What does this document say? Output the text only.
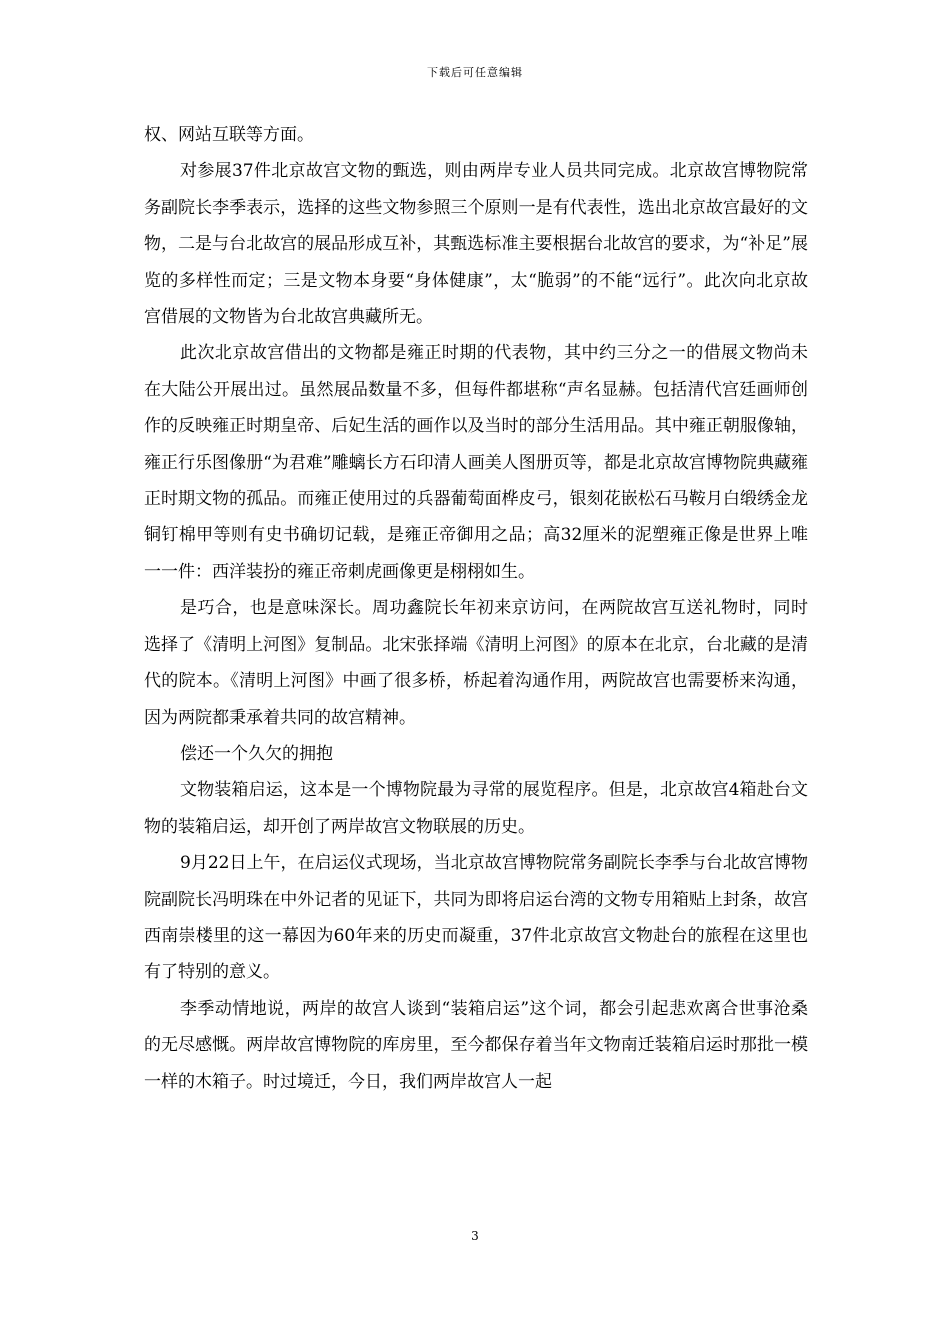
下载后可任意编辑

权、网站互联等方面。

对参展37件北京故宫文物的甄选，则由两岸专业人员共同完成。北京故宫博物院常务副院长李季表示，选择的这些文物参照三个原则一是有代表性，选出北京故宫最好的文物，二是与台北故宫的展品形成互补，其甄选标准主要根据台北故宫的要求，为“补足”展览的多样性而定；三是文物本身要“身体健康”，太“脆弱”的不能“远行”。此次向北京故宫借展的文物皆为台北故宫典藏所无。

此次北京故宫借出的文物都是雍正时期的代表物，其中约三分之一的借展文物尚未在大陆公开展出过。虽然展品数量不多，但每件都堪称“声名显赫。包括清代宫廷画师创作的反映雍正时期皇帝、后妃生活的画作以及当时的部分生活用品。其中雍正朝服像轴，雍正行乐图像册“为君难”雕螭长方石印清人画美人图册页等，都是北京故宫博物院典藏雍正时期文物的孤品。而雍正使用过的兵器葡萄面桦皮弓，银刻花嵌松石马鞍月白缎绣金龙铜钉棉甲等则有史书确切记载，是雍正帝御用之品；高32厘米的泥塑雍正像是世界上唯一一件：西洋装扮的雍正帝刺虎画像更是栩栩如生。

是巧合，也是意味深长。周功鑫院长年初来京访问，在两院故宫互送礼物时，同时选择了《清明上河图》复制品。北宋张择端《清明上河图》的原本在北京，台北藏的是清代的院本。《清明上河图》中画了很多桥，桥起着沟通作用，两院故宫也需要桥来沟通，因为两院都秉承着共同的故宫精神。

偿还一个久欠的拥抱

文物装箱启运，这本是一个博物院最为寻常的展览程序。但是，北京故宫4箱赴台文物的装箱启运，却开创了两岸故宫文物联展的历史。

9月22日上午，在启运仪式现场，当北京故宫博物院常务副院长李季与台北故宫博物院副院长冯明珠在中外记者的见证下，共同为即将启运台湾的文物专用箱贴上封条，故宫西南崇楼里的这一幕因为60年来的历史而凝重，37件北京故宫文物赴台的旅程在这里也有了特别的意义。

李季动情地说，两岸的故宫人谈到“装箱启运”这个词，都会引起悲欢离合世事沧桑的无尽感慨。两岸故宫博物院的库房里，至今都保存着当年文物南迁装箱启运时那批一模一样的木箱子。时过境迁，今日，我们两岸故宫人一起

3
